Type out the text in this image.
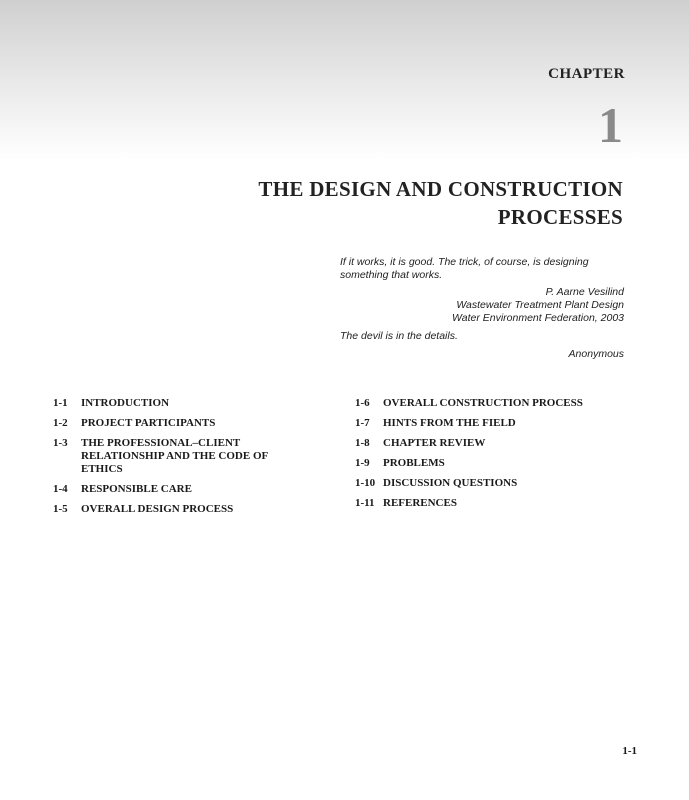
CHAPTER
1
THE DESIGN AND CONSTRUCTION PROCESSES

If it works, it is good. The trick, of course, is designing something that works.

P. Aarne Vesilind

Wastewater Treatment Plant Design

Water Environment Federation, 2003

The devil is in the details.

Anonymous

1-1	INTRODUCTION
1-2	PROJECT PARTICIPANTS
1-3	THE PROFESSIONAL–CLIENT RELATIONSHIP AND THE CODE OF ETHICS
1-4	RESPONSIBLE CARE
1-5	OVERALL DESIGN PROCESS
1-6	OVERALL CONSTRUCTION PROCESS
1-7	HINTS FROM THE FIELD
1-8	CHAPTER REVIEW
1-9	PROBLEMS
1-10 DISCUSSION QUESTIONS
1-11 REFERENCES
1-1
